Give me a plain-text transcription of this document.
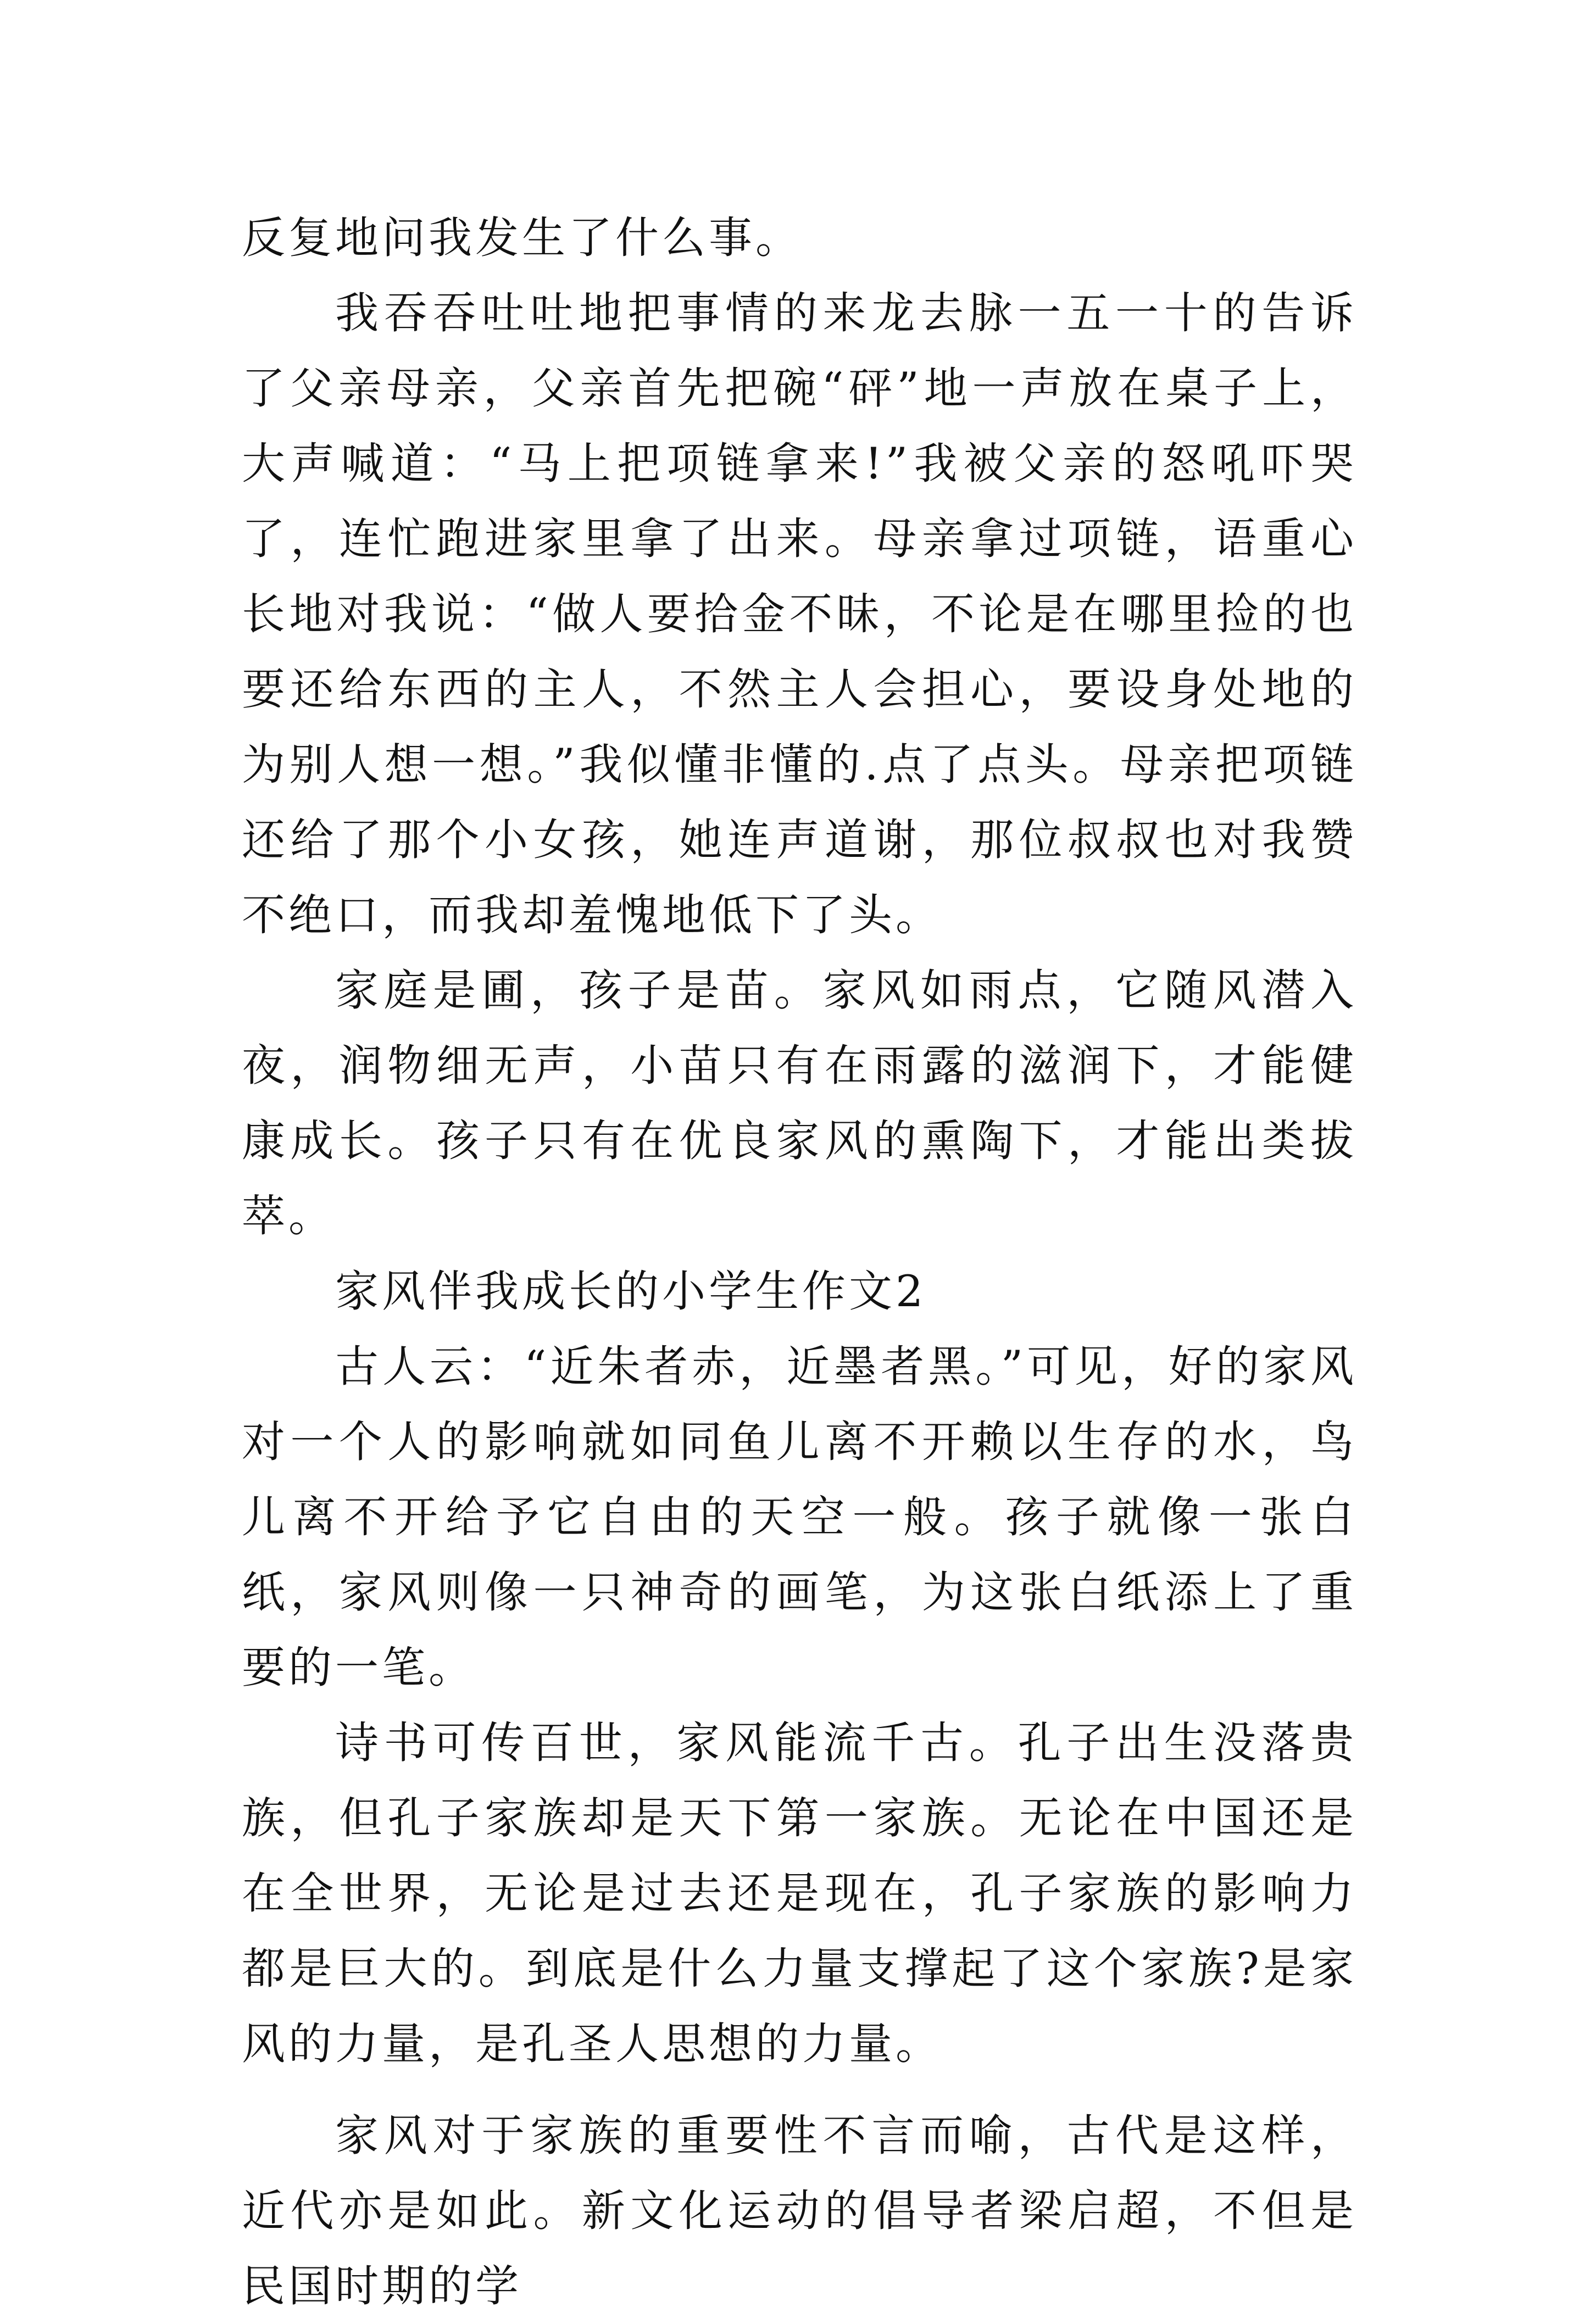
反复地问我发生了什么事。

我吞吞吐吐地把事情的来龙去脉一五一十的告诉了父亲母亲，父亲首先把碗“砰”地一声放在桌子上，大声喊道：“马上把项链拿来!”我被父亲的怒吼吓哭了，连忙跑进家里拿了出来。母亲拿过项链，语重心长地对我说：“做人要拾金不昧，不论是在哪里捡的也要还给东西的主人，不然主人会担心，要设身处地的为别人想一想。”我似懂非懂的.点了点头。母亲把项链还给了那个小女孩，她连声道谢，那位叔叔也对我赞不绝口，而我却羞愧地低下了头。

家庭是圃，孩子是苗。家风如雨点，它随风潜入夜，润物细无声，小苗只有在雨露的滋润下，才能健康成长。孩子只有在优良家风的熏陶下，才能出类拔萃。

家风伴我成长的小学生作文2

古人云：“近朱者赤，近墨者黑。”可见，好的家风对一个人的影响就如同鱼儿离不开赖以生存的水，鸟儿离不开给予它自由的天空一般。孩子就像一张白纸，家风则像一只神奇的画笔，为这张白纸添上了重要的一笔。

诗书可传百世，家风能流千古。孔子出生没落贵族，但孔子家族却是天下第一家族。无论在中国还是在全世界，无论是过去还是现在，孔子家族的影响力都是巨大的。到底是什么力量支撑起了这个家族?是家风的力量，是孔圣人思想的力量。

家风对于家族的重要性不言而喻，古代是这样，近代亦是如此。新文化运动的倡导者梁启超，不但是民国时期的学
